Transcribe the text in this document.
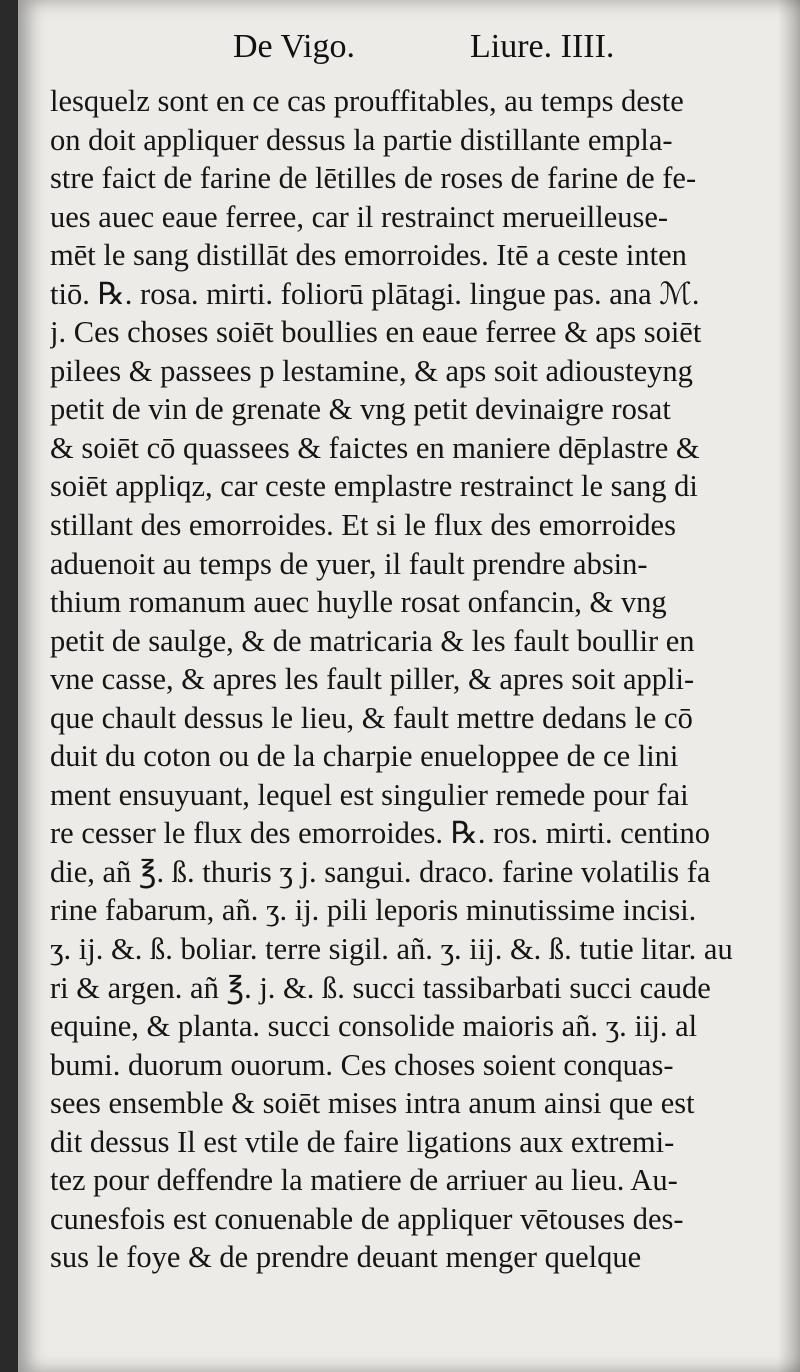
De Vigo.	Liure. IIII.
lesquelz sont en ce cas prouffitables, au temps deste
on doit appliquer dessus la partie distillante empla-
stre faict de farine de lētilles de roses de farine de fe-
ues auec eaue ferree, car il restrainct merueilleuse-
mēt le sang distillāt des emorroides. Itē a ceste inten
tiō. ℞. rosa. mirti. foliorū plātagi. lingue pas. ana ℳ.
j. Ces choses soiēt boullies en eaue ferree & aps soiēt
pilees & passees p lestamine, & aps soit adiousteyng
petit de vin de grenate & vng petit devinaigre rosat
& soiēt cō quassees & faictes en maniere dēplastre &
soiēt appliqz, car ceste emplastre restrainct le sang di
stillant des emorroides. Et si le flux des emorroides
aduenoit au temps de yuer, il fault prendre absin-
thium romanum auec huylle rosat onfancin, & vng
petit de saulge, & de matricaria & les fault boullir en
vne casse, & apres les fault piller, & apres soit appli-
que chault dessus le lieu, & fault mettre dedans le cō
duit du coton ou de la charpie enueloppee de ce lini
ment ensuyuant, lequel est singulier remede pour fai
re cesser le flux des emorroides. ℞. ros. mirti. centino
die, añ ℥. ß. thuris ʒ j. sangui. draco. farine volatilis fa
rine fabarum, añ. ʒ. ij. pili leporis minutissime incisi.
ʒ. ij. &. ß. boliar. terre sigil. añ. ʒ. iij. &. ß. tutie litar. au
ri & argen. añ ℥. j. &. ß. succi tassibarbati succi caude
equine, & planta. succi consolide maioris añ. ʒ. iij. al
bumi. duorum ouorum. Ces choses soient conquas-
sees ensemble & soiēt mises intra anum ainsi que est
dit dessus Il est vtile de faire ligations aux extremi-
tez pour deffendre la matiere de arriuer au lieu. Au-
cunesfois est conuenable de appliquer vētouses des-
sus le foye & de prendre deuant menger quelque
